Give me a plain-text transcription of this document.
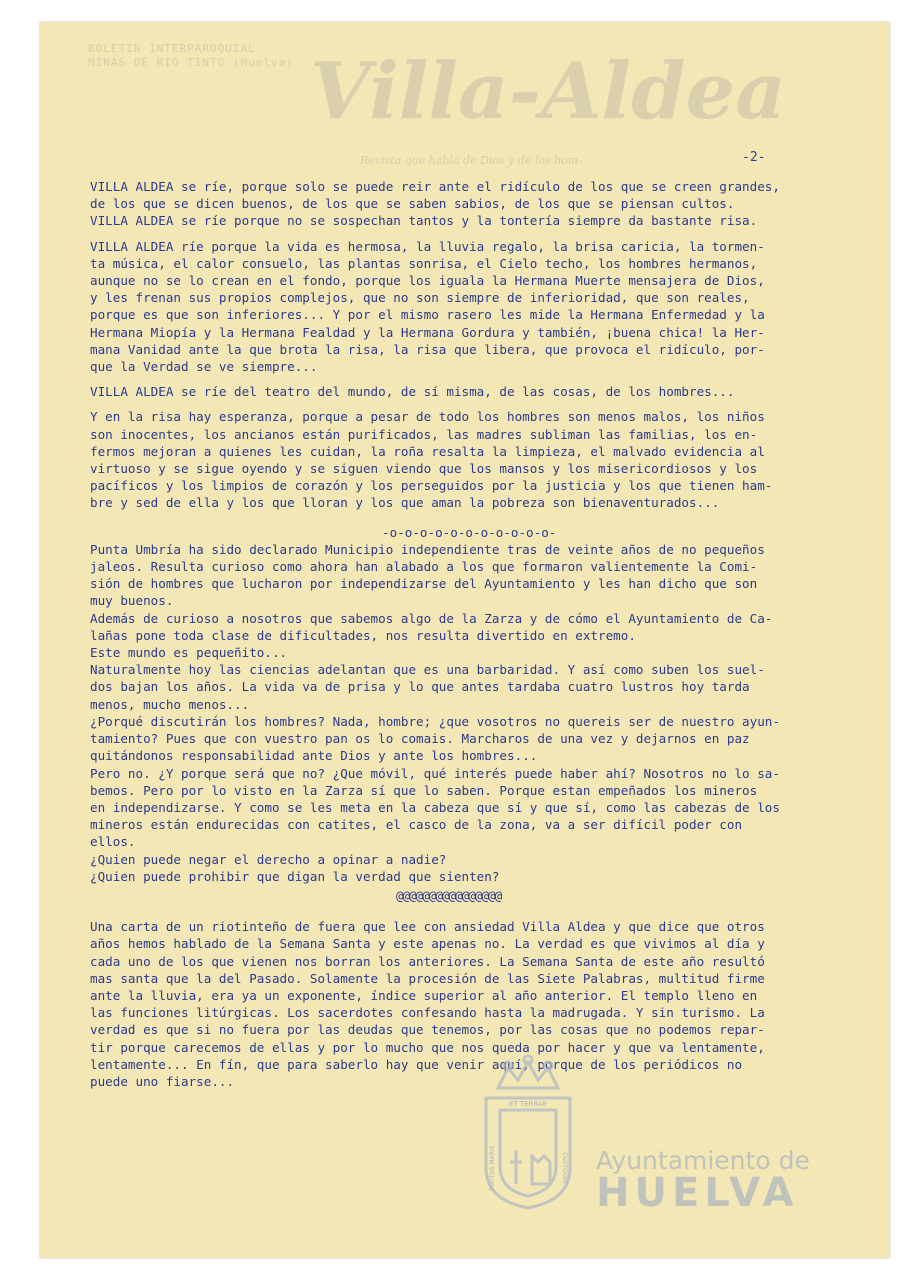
BOLETIN INTERPAROQUIAL
MINAS DE RIO TINTO (Huelva) Villa-Aldea
Revista que habla de Dios y de los hom-	-2-

VILLA ALDEA se ríe, porque solo se puede reir ante el ridículo de los que se creen grandes,

de los que se dicen buenos, de los que se saben sabios, de los que se piensan cultos.

VILLA ALDEA se ríe porque no se sospechan tantos y la tontería siempre da bastante risa.

VILLA ALDEA ríe porque la vida es hermosa, la lluvia regalo, la brisa caricia, la tormen-

ta música, el calor consuelo, las plantas sonrisa, el Cielo techo, los hombres hermanos,

aunque no se lo crean en el fondo, porque los iguala la Hermana Muerte mensajera de Dios,

y les frenan sus propios complejos, que no son siempre de inferioridad, que son reales,

porque es que son inferiores... Y por el mismo rasero les mide la Hermana Enfermedad y la

Hermana Miopía y la Hermana Fealdad y la Hermana Gordura y también, ¡buena chica! la Her-

mana Vanidad ante la que brota la risa, la risa que libera, que provoca el ridículo, por-

que la Verdad se ve siempre...

VILLA ALDEA se ríe del teatro del mundo, de sí misma, de las cosas, de los hombres...

Y en la risa hay esperanza, porque a pesar de todo los hombres son menos malos, los niños

son inocentes, los ancianos están purificados, las madres subliman las familias, los en-

fermos mejoran a quienes les cuidan, la roña resalta la limpieza, el malvado evidencia al

virtuoso y se sigue oyendo y se siguen viendo que los mansos y los misericordiosos y los

pacíficos y los limpios de corazón y los perseguidos por la justicia y los que tienen ham-

bre y sed de ella y los que lloran y los que aman la pobreza son bienaventurados...

-o-o-o-o-o-o-o-o-o-o-o-

Punta Umbría ha sido declarado Municipio independiente tras de veinte años de no pequeños

jaleos. Resulta curioso como ahora han alabado a los que formaron valientemente la Comi-

sión de hombres que lucharon por independizarse del Ayuntamiento y les han dicho que son

muy buenos.

Además de curioso a nosotros que sabemos algo de la Zarza y de cómo el Ayuntamiento de Ca-

lañas pone toda clase de dificultades, nos resulta divertido en extremo.

Este mundo es pequeñito...

Naturalmente hoy las ciencias adelantan que es una barbaridad. Y así como suben los suel-

dos bajan los años. La vida va de prisa y lo que antes tardaba cuatro lustros hoy tarda

menos, mucho menos...

¿Porqué discutirán los hombres? Nada, hombre; ¿que vosotros no quereis ser de nuestro ayun-

tamiento? Pues que con vuestro pan os lo comais. Marcharos de una vez y dejarnos en paz

quitándonos responsabilidad ante Dios y ante los hombres...

Pero no. ¿Y porque será que no? ¿Que móvil, qué interés puede haber ahí? Nosotros no lo sa-

bemos. Pero por lo visto en la Zarza sí que lo saben. Porque estan empeñados los mineros

en independizarse. Y como se les meta en la cabeza que sí y que sí, como las cabezas de los

mineros están endurecidas con catites, el casco de la zona, va a ser difícil poder con

ellos.

¿Quien puede negar el derecho a opinar a nadie?

¿Quien puede prohibir que digan la verdad que sienten?

@@@@@@@@@@@@@@@@

Una carta de un riotinteño de fuera que lee con ansiedad Villa Aldea y que dice que otros

años hemos hablado de la Semana Santa y este apenas no. La verdad es que vivimos al día y

cada uno de los que vienen nos borran los anteriores. La Semana Santa de este año resultó

mas santa que la del Pasado. Solamente la procesión de las Siete Palabras, multitud firme

ante la lluvia, era ya un exponente, índice superior al año anterior. El templo lleno en

las funciones litúrgicas. Los sacerdotes confesando hasta la madrugada. Y sin turismo. La

verdad es que si no fuera por las deudas que tenemos, por las cosas que no podemos repar-

tir porque carecemos de ellas y por lo mucho que nos queda por hacer y que va lentamente,

lentamente... En fín, que para saberlo hay que venir aquí, porque de los periódicos no

puede uno fiarse...

ET TERRAE
PORTUS MARIS	CUSTODIA Ayuntamiento de
HUELVA
